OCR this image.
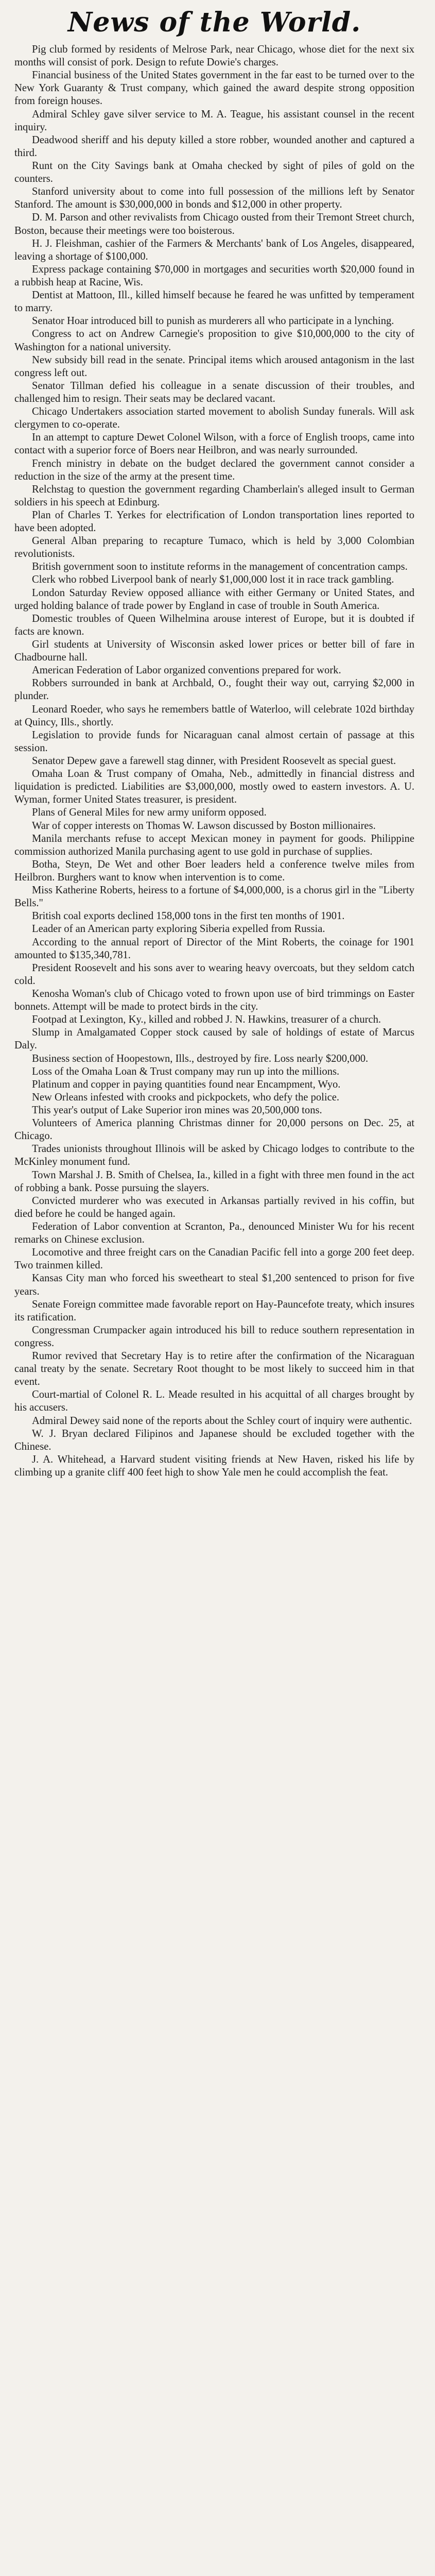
News of the World.

Pig club formed by residents of Melrose Park, near Chicago, whose diet for the next six months will consist of pork. Design to refute Dowie's charges.

Financial business of the United States government in the far east to be turned over to the New York Guaranty & Trust company, which gained the award despite strong opposition from foreign houses.

Admiral Schley gave silver service to M. A. Teague, his assistant counsel in the recent inquiry.

Deadwood sheriff and his deputy killed a store robber, wounded another and captured a third.

Runt on the City Savings bank at Omaha checked by sight of piles of gold on the counters.

Stanford university about to come into full possession of the millions left by Senator Stanford. The amount is $30,000,000 in bonds and $12,000 in other property.

D. M. Parson and other revivalists from Chicago ousted from their Tremont Street church, Boston, because their meetings were too boisterous.

H. J. Fleishman, cashier of the Farmers & Merchants' bank of Los Angeles, disappeared, leaving a shortage of $100,000.

Express package containing $70,000 in mortgages and securities worth $20,000 found in a rubbish heap at Racine, Wis.

Dentist at Mattoon, Ill., killed himself because he feared he was unfitted by temperament to marry.

Senator Hoar introduced bill to punish as murderers all who participate in a lynching.

Congress to act on Andrew Carnegie's proposition to give $10,000,000 to the city of Washington for a national university.

New subsidy bill read in the senate. Principal items which aroused antagonism in the last congress left out.

Senator Tillman defied his colleague in a senate discussion of their troubles, and challenged him to resign. Their seats may be declared vacant.

Chicago Undertakers association started movement to abolish Sunday funerals. Will ask clergymen to co-operate.

In an attempt to capture Dewet Colonel Wilson, with a force of English troops, came into contact with a superior force of Boers near Heilbron, and was nearly surrounded.

French ministry in debate on the budget declared the government cannot consider a reduction in the size of the army at the present time.

Relchstag to question the government regarding Chamberlain's alleged insult to German soldiers in his speech at Edinburg.

Plan of Charles T. Yerkes for electrification of London transportation lines reported to have been adopted.

General Alban preparing to recapture Tumaco, which is held by 3,000 Colombian revolutionists.

British government soon to institute reforms in the management of concentration camps.

Clerk who robbed Liverpool bank of nearly $1,000,000 lost it in race track gambling.

London Saturday Review opposed alliance with either Germany or United States, and urged holding balance of trade power by England in case of trouble in South America.

Domestic troubles of Queen Wilhelmina arouse interest of Europe, but it is doubted if facts are known.

Girl students at University of Wisconsin asked lower prices or better bill of fare in Chadbourne hall.

American Federation of Labor organized conventions prepared for work.

Robbers surrounded in bank at Archbald, O., fought their way out, carrying $2,000 in plunder.

Leonard Roeder, who says he remembers battle of Waterloo, will celebrate 102d birthday at Quincy, Ills., shortly.

Legislation to provide funds for Nicaraguan canal almost certain of passage at this session.

Senator Depew gave a farewell stag dinner, with President Roosevelt as special guest.

Omaha Loan & Trust company of Omaha, Neb., admittedly in financial distress and liquidation is predicted. Liabilities are $3,000,000, mostly owed to eastern investors. A. U. Wyman, former United States treasurer, is president.

Plans of General Miles for new army uniform opposed.

War of copper interests on Thomas W. Lawson discussed by Boston millionaires.

Manila merchants refuse to accept Mexican money in payment for goods. Philippine commission authorized Manila purchasing agent to use gold in purchase of supplies.

Botha, Steyn, De Wet and other Boer leaders held a conference twelve miles from Heilbron. Burghers want to know when intervention is to come.

Miss Katherine Roberts, heiress to a fortune of $4,000,000, is a chorus girl in the "Liberty Bells."

British coal exports declined 158,000 tons in the first ten months of 1901.

Leader of an American party exploring Siberia expelled from Russia.

According to the annual report of Director of the Mint Roberts, the coinage for 1901 amounted to $135,340,781.

President Roosevelt and his sons aver to wearing heavy overcoats, but they seldom catch cold.

Kenosha Woman's club of Chicago voted to frown upon use of bird trimmings on Easter bonnets. Attempt will be made to protect birds in the city.

Footpad at Lexington, Ky., killed and robbed J. N. Hawkins, treasurer of a church.

Slump in Amalgamated Copper stock caused by sale of holdings of estate of Marcus Daly.

Business section of Hoopestown, Ills., destroyed by fire. Loss nearly $200,000.

Loss of the Omaha Loan & Trust company may run up into the millions.

Platinum and copper in paying quantities found near Encampment, Wyo.

New Orleans infested with crooks and pickpockets, who defy the police.

This year's output of Lake Superior iron mines was 20,500,000 tons.

Volunteers of America planning Christmas dinner for 20,000 persons on Dec. 25, at Chicago.

Trades unionists throughout Illinois will be asked by Chicago lodges to contribute to the McKinley monument fund.

Town Marshal J. B. Smith of Chelsea, Ia., killed in a fight with three men found in the act of robbing a bank. Posse pursuing the slayers.

Convicted murderer who was executed in Arkansas partially revived in his coffin, but died before he could be hanged again.

Federation of Labor convention at Scranton, Pa., denounced Minister Wu for his recent remarks on Chinese exclusion.

Locomotive and three freight cars on the Canadian Pacific fell into a gorge 200 feet deep. Two trainmen killed.

Kansas City man who forced his sweetheart to steal $1,200 sentenced to prison for five years.

Senate Foreign committee made favorable report on Hay-Pauncefote treaty, which insures its ratification.

Congressman Crumpacker again introduced his bill to reduce southern representation in congress.

Rumor revived that Secretary Hay is to retire after the confirmation of the Nicaraguan canal treaty by the senate. Secretary Root thought to be most likely to succeed him in that event.

Court-martial of Colonel R. L. Meade resulted in his acquittal of all charges brought by his accusers.

Admiral Dewey said none of the reports about the Schley court of inquiry were authentic.

W. J. Bryan declared Filipinos and Japanese should be excluded together with the Chinese.

J. A. Whitehead, a Harvard student visiting friends at New Haven, risked his life by climbing up a granite cliff 400 feet high to show Yale men he could accomplish the feat.
